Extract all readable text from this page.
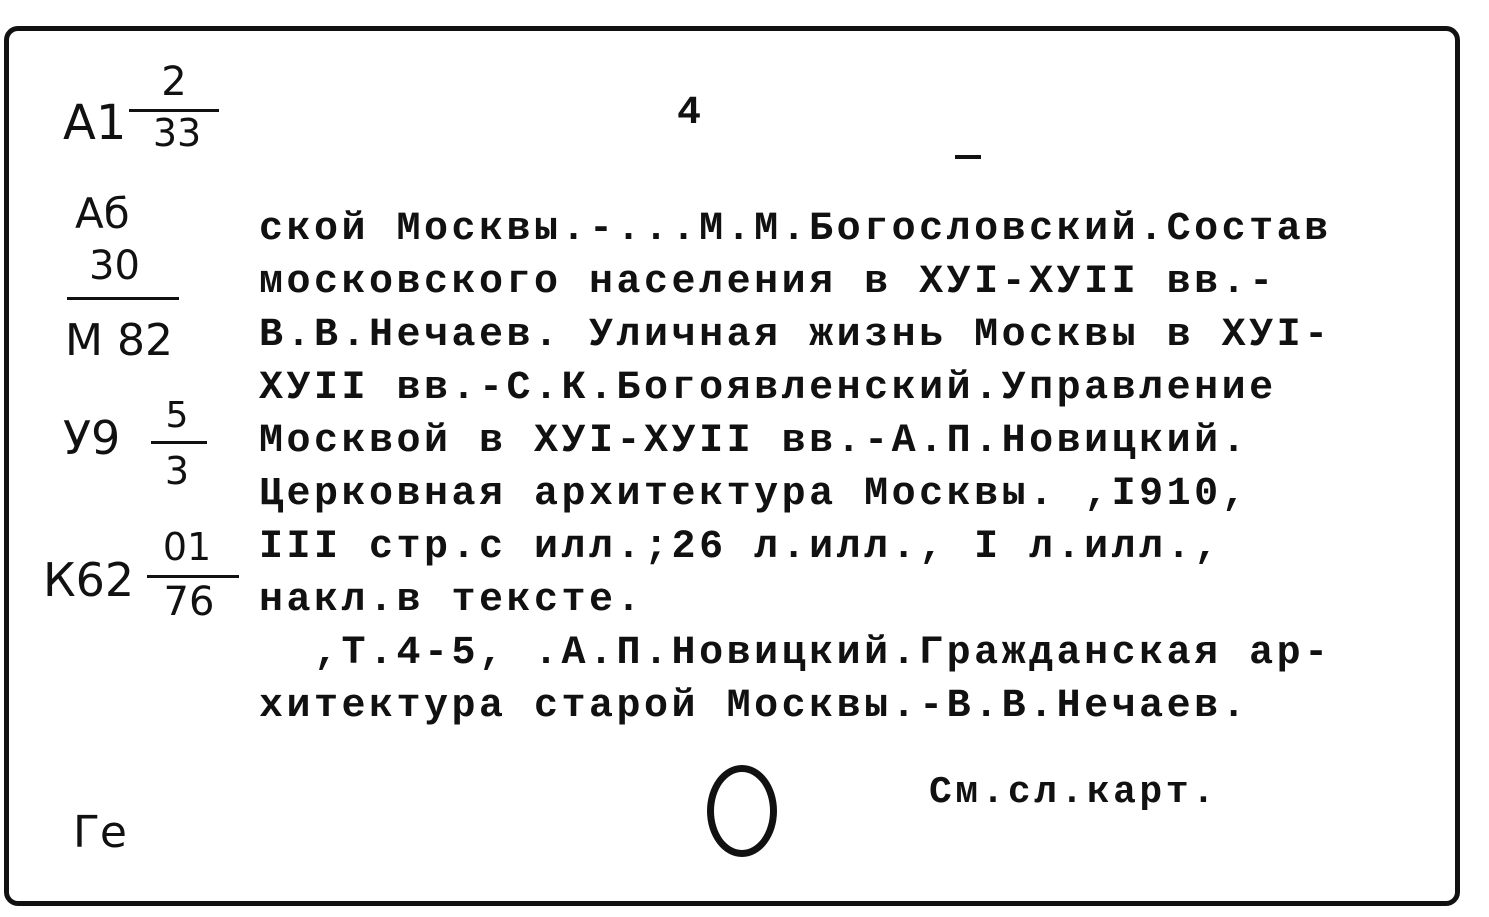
4
А1
2
33
Аб
30
М 82
У9 5
3
К62
01
76

ской Москвы.-...М.М.Богословский.Состав

московского населения в ХУI-ХУII вв.-

В.В.Нечаев. Уличная жизнь Москвы в ХУI-

ХУII вв.-С.К.Богоявленский.Управление

Москвой в ХУI-ХУII вв.-А.П.Новицкий.

Церковная архитектура Москвы. ,I910,

III стр.с илл.;26 л.илл., I л.илл.,

накл.в тексте.

,Т.4-5, .А.П.Новицкий.Гражданская ар-

хитектура старой Москвы.-В.В.Нечаев.

См.сл.карт.
Ге
